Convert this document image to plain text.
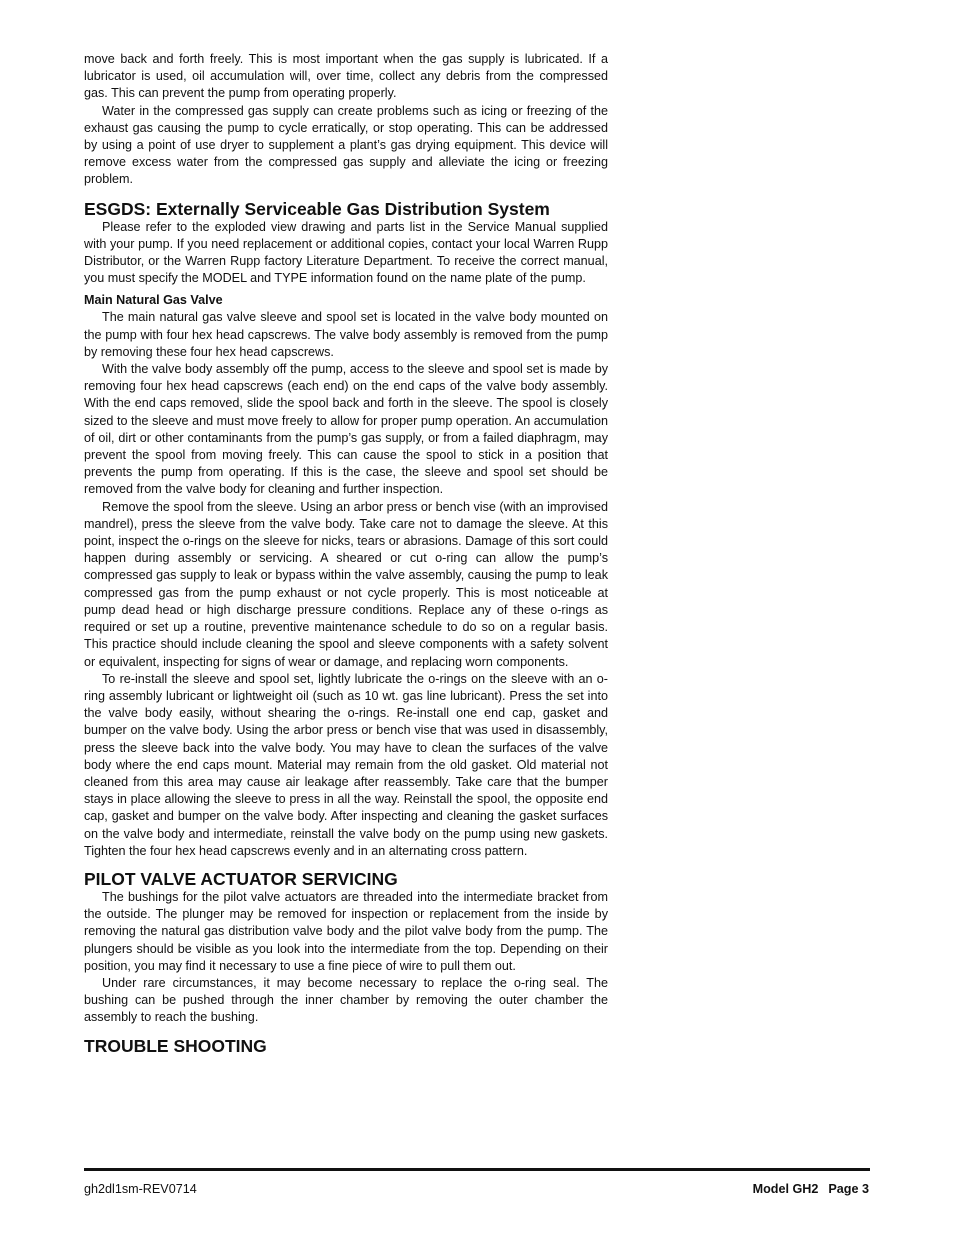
move back and forth freely. This is most important when the gas supply is lubricated. If a lubricator is used, oil accumulation will, over time, collect any debris from the compressed gas. This can prevent the pump from operating properly.

Water in the compressed gas supply can create problems such as icing or freezing of the exhaust gas causing the pump to cycle erratically, or stop operating. This can be addressed by using a point of use dryer to supplement a plant’s gas drying equipment. This device will remove excess water from the compressed gas supply and alleviate the icing or freezing problem.

ESGDS: Externally Serviceable Gas Distribution System

Please refer to the exploded view drawing and parts list in the Service Manual supplied with your pump. If you need replacement or additional copies, contact your local Warren Rupp Distributor, or the Warren Rupp factory Literature Department. To receive the correct manual, you must specify the MODEL and TYPE information found on the name plate of the pump.

Main Natural Gas Valve

The main natural gas valve sleeve and spool set is located in the valve body mounted on the pump with four hex head capscrews. The valve body assembly is removed from the pump by removing these four hex head capscrews.

With the valve body assembly off the pump, access to the sleeve and spool set is made by removing four hex head capscrews (each end) on the end caps of the valve body assembly. With the end caps removed, slide the spool back and forth in the sleeve. The spool is closely sized to the sleeve and must move freely to allow for proper pump operation. An accumulation of oil, dirt or other contaminants from the pump’s gas supply, or from a failed diaphragm, may prevent the spool from moving freely. This can cause the spool to stick in a position that prevents the pump from operating. If this is the case, the sleeve and spool set should be removed from the valve body for cleaning and further inspection.

Remove the spool from the sleeve. Using an arbor press or bench vise (with an improvised mandrel), press the sleeve from the valve body. Take care not to damage the sleeve. At this point, inspect the o-rings on the sleeve for nicks, tears or abrasions. Damage of this sort could happen during assembly or servicing. A sheared or cut o-ring can allow the pump’s compressed gas supply to leak or bypass within the valve assembly, causing the pump to leak compressed gas from the pump exhaust or not cycle properly. This is most noticeable at pump dead head or high discharge pressure conditions. Replace any of these o-rings as required or set up a routine, preventive maintenance schedule to do so on a regular basis. This practice should include cleaning the spool and sleeve components with a safety solvent or equivalent, inspecting for signs of wear or damage, and replacing worn components.

To re-install the sleeve and spool set, lightly lubricate the o-rings on the sleeve with an o-ring assembly lubricant or lightweight oil (such as 10 wt. gas line lubricant). Press the set into the valve body easily, without shearing the o-rings. Re-install one end cap, gasket and bumper on the valve body. Using the arbor press or bench vise that was used in disassembly, press the sleeve back into the valve body. You may have to clean the surfaces of the valve body where the end caps mount. Material may remain from the old gasket. Old material not cleaned from this area may cause air leakage after reassembly. Take care that the bumper stays in place allowing the sleeve to press in all the way. Reinstall the spool, the opposite end cap, gasket and bumper on the valve body. After inspecting and cleaning the gasket surfaces on the valve body and intermediate, reinstall the valve body on the pump using new gaskets. Tighten the four hex head capscrews evenly and in an alternating cross pattern.

PILOT VALVE ACTUATOR SERVICING

The bushings for the pilot valve actuators are threaded into the intermediate bracket from the outside. The plunger may be removed for inspection or replacement from the inside by removing the natural gas distribution valve body and the pilot valve body from the pump. The plungers should be visible as you look into the intermediate from the top. Depending on their position, you may find it necessary to use a fine piece of wire to pull them out.

Under rare circumstances, it may become necessary to replace the o-ring seal. The bushing can be pushed through the inner chamber by removing the outer chamber the assembly to reach the bushing.

TROUBLE SHOOTING
gh2dl1sm-REV0714	Model GH2 Page 3
